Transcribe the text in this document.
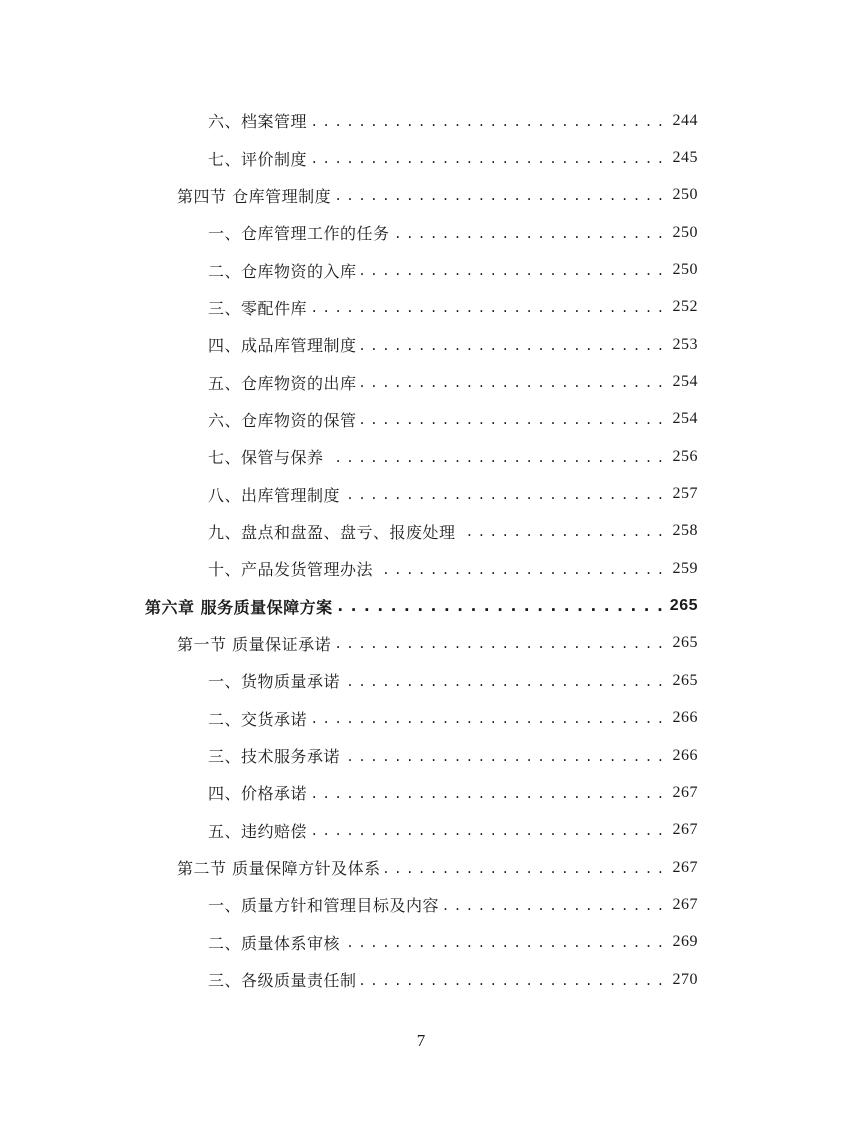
六、档案管理 . . .	244
七、评价制度 . . .	245
第四节 仓库管理制度 . . .	250
一、仓库管理工作的任务 . . .	250
二、仓库物资的入库 . . .	250
三、零配件库 . . .	252
四、成品库管理制度 . . .	253
五、仓库物资的出库 . . .	254
六、仓库物资的保管 . . .	254
七、保管与保养 . . .	256
八、出库管理制度 . . .	257
九、盘点和盘盈、盘亏、报废处理 . . .	258
十、产品发货管理办法 . . .	259
第六章 服务质量保障方案 . . .	265
第一节 质量保证承诺 . . .	265
一、货物质量承诺 . . .	265
二、交货承诺 . . .	266
三、技术服务承诺 . . .	266
四、价格承诺 . . .	267
五、违约赔偿 . . .	267
第二节 质量保障方针及体系 . . .	267
一、质量方针和管理目标及内容 . . .	267
二、质量体系审核 . . .	269
三、各级质量责任制 . . .	270
7
